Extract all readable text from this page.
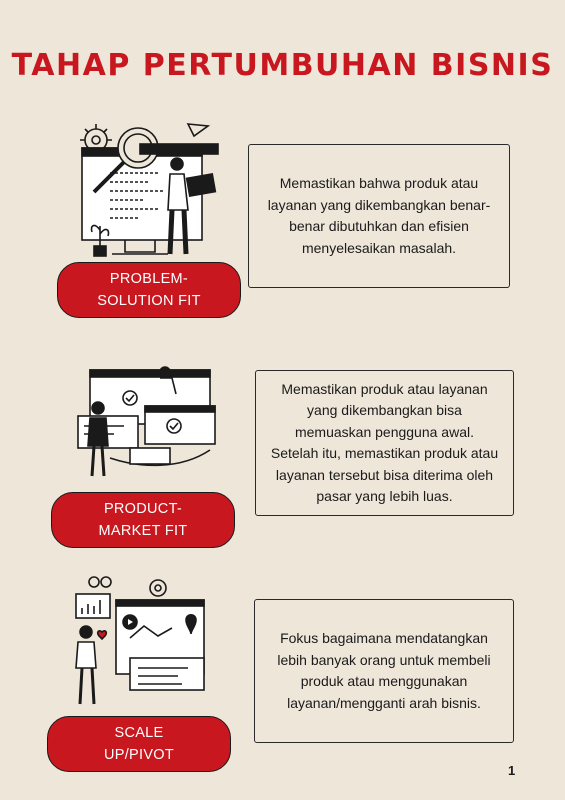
TAHAP PERTUMBUHAN BISNIS
PROBLEM-
SOLUTION FIT
Memastikan bahwa produk atau layanan yang dikembangkan benar-benar dibutuhkan dan efisien menyelesaikan masalah.
PRODUCT-
MARKET FIT
Memastikan produk atau layanan yang dikembangkan bisa memuaskan pengguna awal. Setelah itu, memastikan produk atau layanan tersebut bisa diterima oleh pasar yang lebih luas.
SCALE
UP/PIVOT
Fokus bagaimana mendatangkan lebih banyak orang untuk membeli produk atau menggunakan layanan/mengganti arah bisnis.
1
